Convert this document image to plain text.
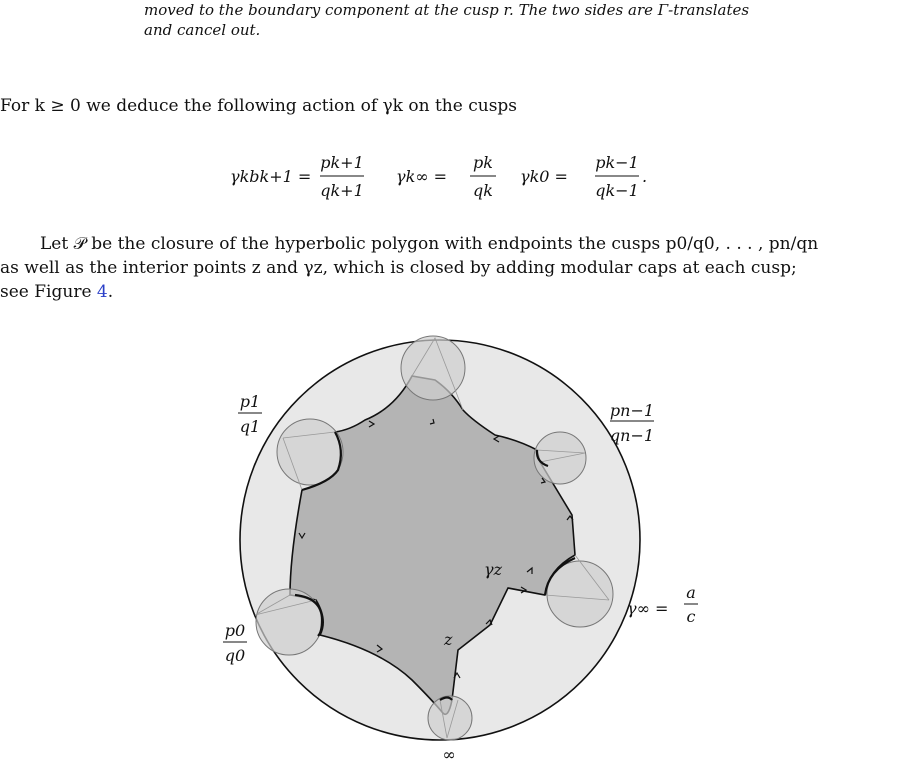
moved to the boundary component at the cusp r. The two sides are Γ-translates
and cancel out.
For k ≥ 0 we deduce the following action of γk on the cusps
γkbk+1 =
pk+1
qk+1
γk∞ =
pk
qk
γk0 =
pk−1
qk−1
.
Let 𝒫 be the closure of the hyperbolic polygon with endpoints the cusps p0/q0, . . . , pn/qn
as well as the interior points z and γz, which is closed by adding modular caps at each cusp;
see Figure 4.
p1
q1
pn−1
qn−1
p0
q0
γz
z
γ∞ =
a
c
∞
